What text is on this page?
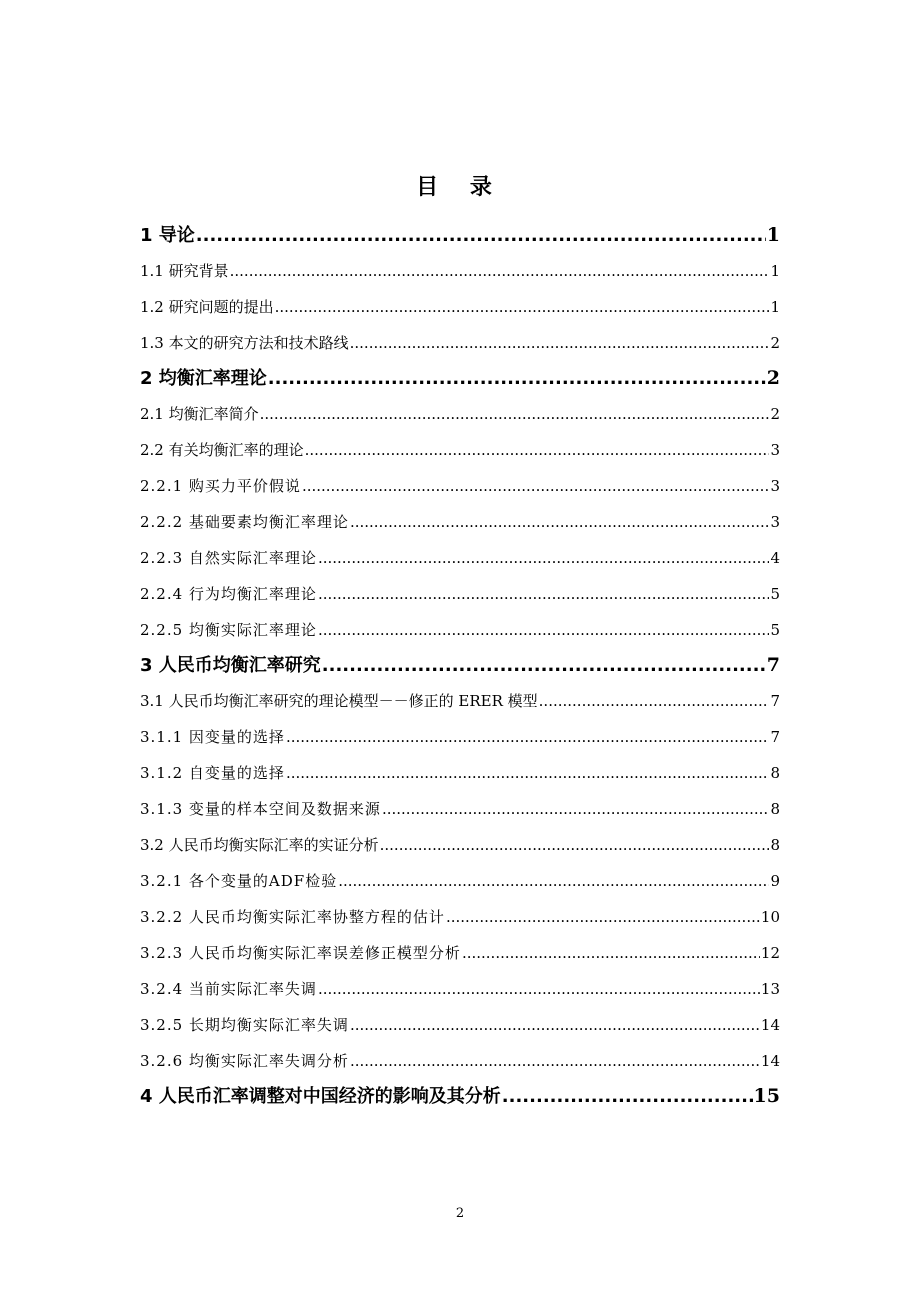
目 录
1 导论 .....	1
1.1 研究背景 .....	1
1.2 研究问题的提出 .....	1
1.3 本文的研究方法和技术路线 .....	2
2 均衡汇率理论 .....	2
2.1 均衡汇率简介 .....	2
2.2 有关均衡汇率的理论 .....	3
2.2.1 购买力平价假说 .....	3
2.2.2 基础要素均衡汇率理论 .....	3
2.2.3 自然实际汇率理论 .....	4
2.2.4 行为均衡汇率理论 .....	5
2.2.5 均衡实际汇率理论 .....	5
3 人民币均衡汇率研究 .....	7
3.1 人民币均衡汇率研究的理论模型－－修正的 ERER 模型 .....	7
3.1.1 因变量的选择 .....	7
3.1.2 自变量的选择 .....	8
3.1.3 变量的样本空间及数据来源 .....	8
3.2 人民币均衡实际汇率的实证分析 .....	8
3.2.1 各个变量的ADF检验 .....	9
3.2.2 人民币均衡实际汇率协整方程的估计 .....	10
3.2.3 人民币均衡实际汇率误差修正模型分析 .....	12
3.2.4 当前实际汇率失调 .....	13
3.2.5 长期均衡实际汇率失调 .....	14
3.2.6 均衡实际汇率失调分析 .....	14
4 人民币汇率调整对中国经济的影响及其分析 .....	15
2
